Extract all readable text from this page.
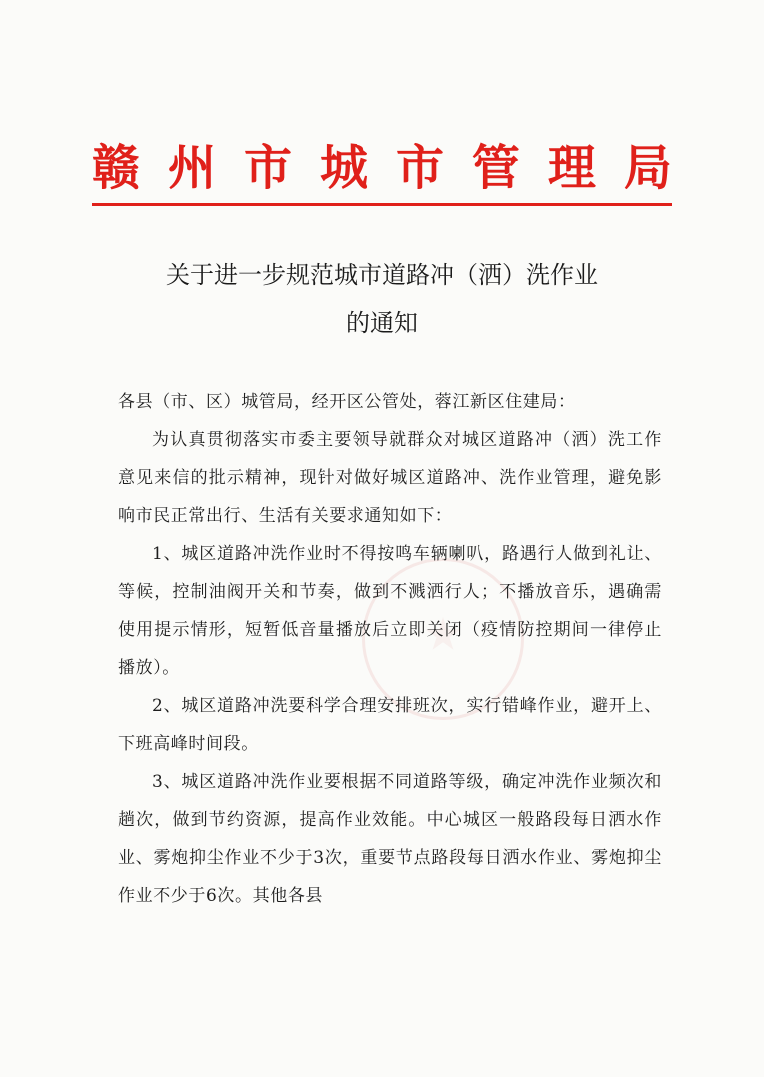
赣 州 市 城 市 管 理 局
关于进一步规范城市道路冲（洒）洗作业
的通知

各县（市、区）城管局，经开区公管处，蓉江新区住建局：

为认真贯彻落实市委主要领导就群众对城区道路冲（洒）洗工作意见来信的批示精神，现针对做好城区道路冲、洗作业管理，避免影响市民正常出行、生活有关要求通知如下：

1、城区道路冲洗作业时不得按鸣车辆喇叭，路遇行人做到礼让、等候，控制油阀开关和节奏，做到不溅洒行人；不播放音乐，遇确需使用提示情形，短暂低音量播放后立即关闭（疫情防控期间一律停止播放）。

2、城区道路冲洗要科学合理安排班次，实行错峰作业，避开上、下班高峰时间段。

3、城区道路冲洗作业要根据不同道路等级，确定冲洗作业频次和趟次，做到节约资源，提高作业效能。中心城区一般路段每日洒水作业、雾炮抑尘作业不少于3次，重要节点路段每日洒水作业、雾炮抑尘作业不少于6次。其他各县
